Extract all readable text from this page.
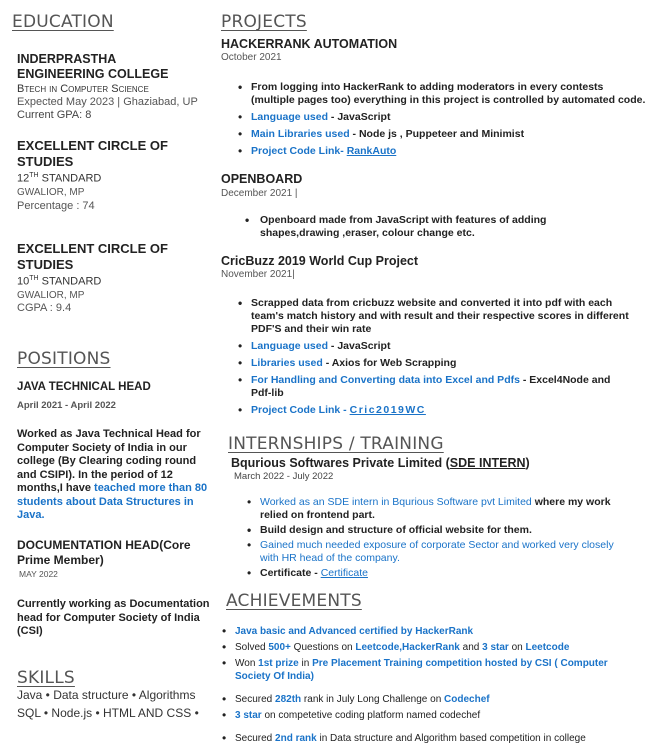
EDUCATION
INDERPRASTHA ENGINEERING COLLEGE
Btech in Computer Science
Expected May 2023 | Ghaziabad, UP
Current GPA: 8
EXCELLENT CIRCLE OF STUDIES
12TH STANDARD
GWALIOR, MP
Percentage : 74
EXCELLENT CIRCLE OF STUDIES
10TH STANDARD
GWALIOR, MP
CGPA : 9.4
POSITIONS
JAVA TECHNICAL HEAD
April 2021 - April 2022
Worked as Java Technical Head for Computer Society of India in our college (By Clearing coding round and CSIPI). In the period of 12 months,I have teached more than 80 students about Data Structures in Java.
DOCUMENTATION HEAD(Core Prime Member)
MAY 2022
Currently working as Documentation head for Computer Society of India (CSI)
SKILLS
Java • Data structure • Algorithms
SQL • Node.js • HTML AND CSS •
PROJECTS
HACKERRANK AUTOMATION
October 2021
• From logging into HackerRank to adding moderators in every contests (multiple pages too) everything in this project is controlled by automated code.
• Language used - JavaScript
• Main Libraries used - Node js , Puppeteer and Minimist
• Project Code Link- RankAuto
OPENBOARD
December 2021 |
• Openboard made from JavaScript with features of adding shapes,drawing ,eraser, colour change etc.
CricBuzz 2019 World Cup Project
November 2021|
• Scrapped data from cricbuzz website and converted it into pdf with each team's match history and with result and their respective scores in different PDF'S and their win rate
• Language used - JavaScript
• Libraries used - Axios for Web Scrapping
• For Handling and Converting data into Excel and Pdfs - Excel4Node and Pdf-lib
• Project Code Link - Cric2019WC
INTERNSHIPS / TRAINING
Bqurious Softwares Private Limited (SDE INTERN)
March 2022 - July 2022
• Worked as an SDE intern in Bqurious Software pvt Limited where my work relied on frontend part.
• Build design and structure of official website for them.
• Gained much needed exposure of corporate Sector and worked very closely with HR head of the company.
• Certificate - Certificate
ACHIEVEMENTS
• Java basic and Advanced certified by HackerRank
• Solved 500+ Questions on Leetcode,HackerRank and 3 star on Leetcode
• Won 1st prize in Pre Placement Training competition hosted by CSI ( Computer Society Of India)
• Secured 282th rank in July Long Challenge on Codechef
• 3 star on competetive coding platform named codechef
• Secured 2nd rank in Data structure and Algorithm based competition in college
